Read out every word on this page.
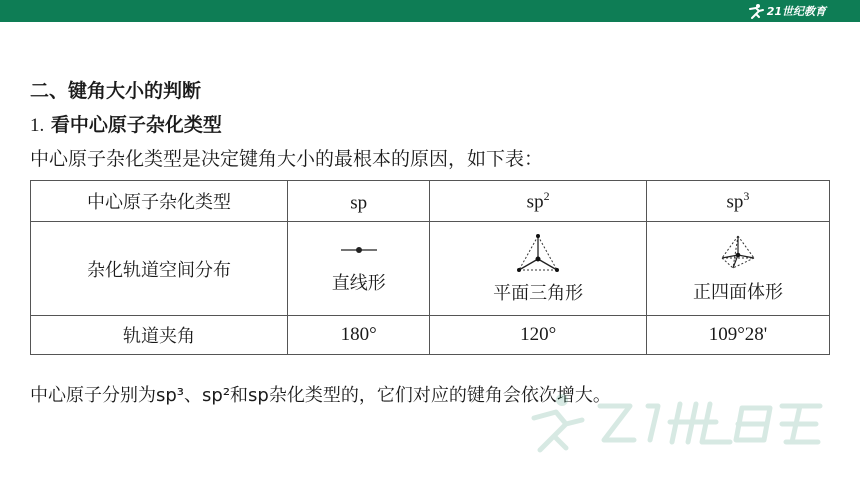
21世纪教育
二、键角大小的判断
1. 看中心原子杂化类型
中心原子杂化类型是决定键角大小的最根本的原因，如下表：
中心原子杂化类型	sp	$sp^2$	$sp^3$
杂化轨道空间分布	直线形	平面三角形	正四面体形

轨道夹角	180°	120°	109°28'
中心原子分别为sp³、sp²和sp杂化类型的，它们对应的键角会依次增大。
